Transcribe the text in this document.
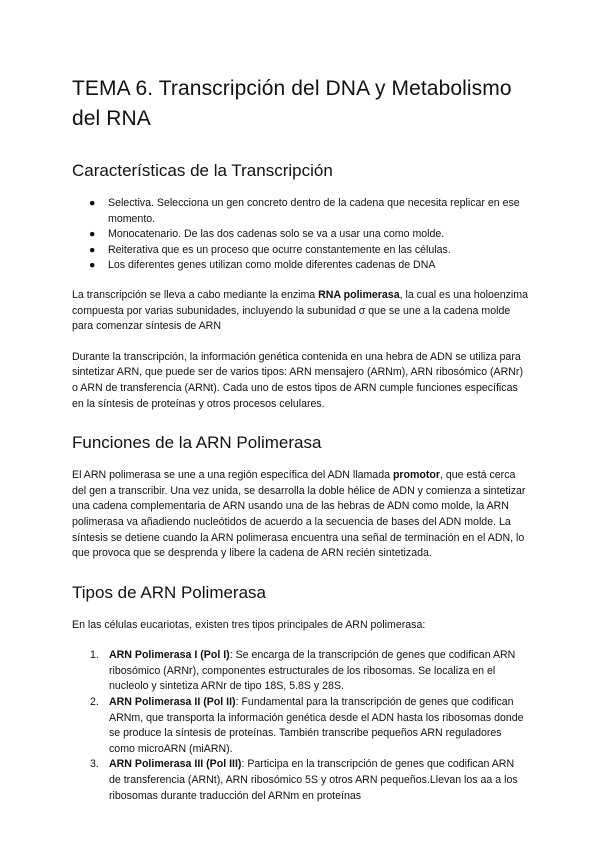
TEMA 6. Transcripción del DNA y Metabolismo del RNA
Características de la Transcripción
● Selectiva. Selecciona un gen concreto dentro de la cadena que necesita replicar en ese momento.
● Monocatenario. De las dos cadenas solo se va a usar una como molde.
● Reiterativa que es un proceso que ocurre constantemente en las células.
● Los diferentes genes utilizan como molde diferentes cadenas de DNA

La transcripción se lleva a cabo mediante la enzima RNA polimerasa, la cual es una holoenzima compuesta por varias subunidades, incluyendo la subunidad σ que se une a la cadena molde para comenzar síntesis de ARN

Durante la transcripción, la información genética contenida en una hebra de ADN se utiliza para sintetizar ARN, que puede ser de varios tipos: ARN mensajero (ARNm), ARN ribosómico (ARNr) o ARN de transferencia (ARNt). Cada uno de estos tipos de ARN cumple funciones específicas en la síntesis de proteínas y otros procesos celulares.

Funciones de la ARN Polimerasa

El ARN polimerasa se une a una región específica del ADN llamada promotor, que está cerca del gen a transcribir. Una vez unida, se desarrolla la doble hélice de ADN y comienza a sintetizar una cadena complementaria de ARN usando una de las hebras de ADN como molde, la ARN polimerasa va añadiendo nucleótidos de acuerdo a la secuencia de bases del ADN molde. La síntesis se detiene cuando la ARN polimerasa encuentra una señal de terminación en el ADN, lo que provoca que se desprenda y libere la cadena de ARN recién sintetizada.

Tipos de ARN Polimerasa

En las células eucariotas, existen tres tipos principales de ARN polimerasa:

1. ARN Polimerasa I (Pol I): Se encarga de la transcripción de genes que codifican ARN ribosómico (ARNr), componentes estructurales de los ribosomas. Se localiza en el nucleolo y sintetiza ARNr de tipo 18S, 5.8S y 28S.
2. ARN Polimerasa II (Pol II): Fundamental para la transcripción de genes que codifican ARNm, que transporta la información genética desde el ADN hasta los ribosomas donde se produce la síntesis de proteínas. También transcribe pequeños ARN reguladores como microARN (miARN).
3. ARN Polimerasa III (Pol III): Participa en la transcripción de genes que codifican ARN de transferencia (ARNt), ARN ribosómico 5S y otros ARN pequeños.Llevan los aa a los ribosomas durante traducción del ARNm en proteínas
